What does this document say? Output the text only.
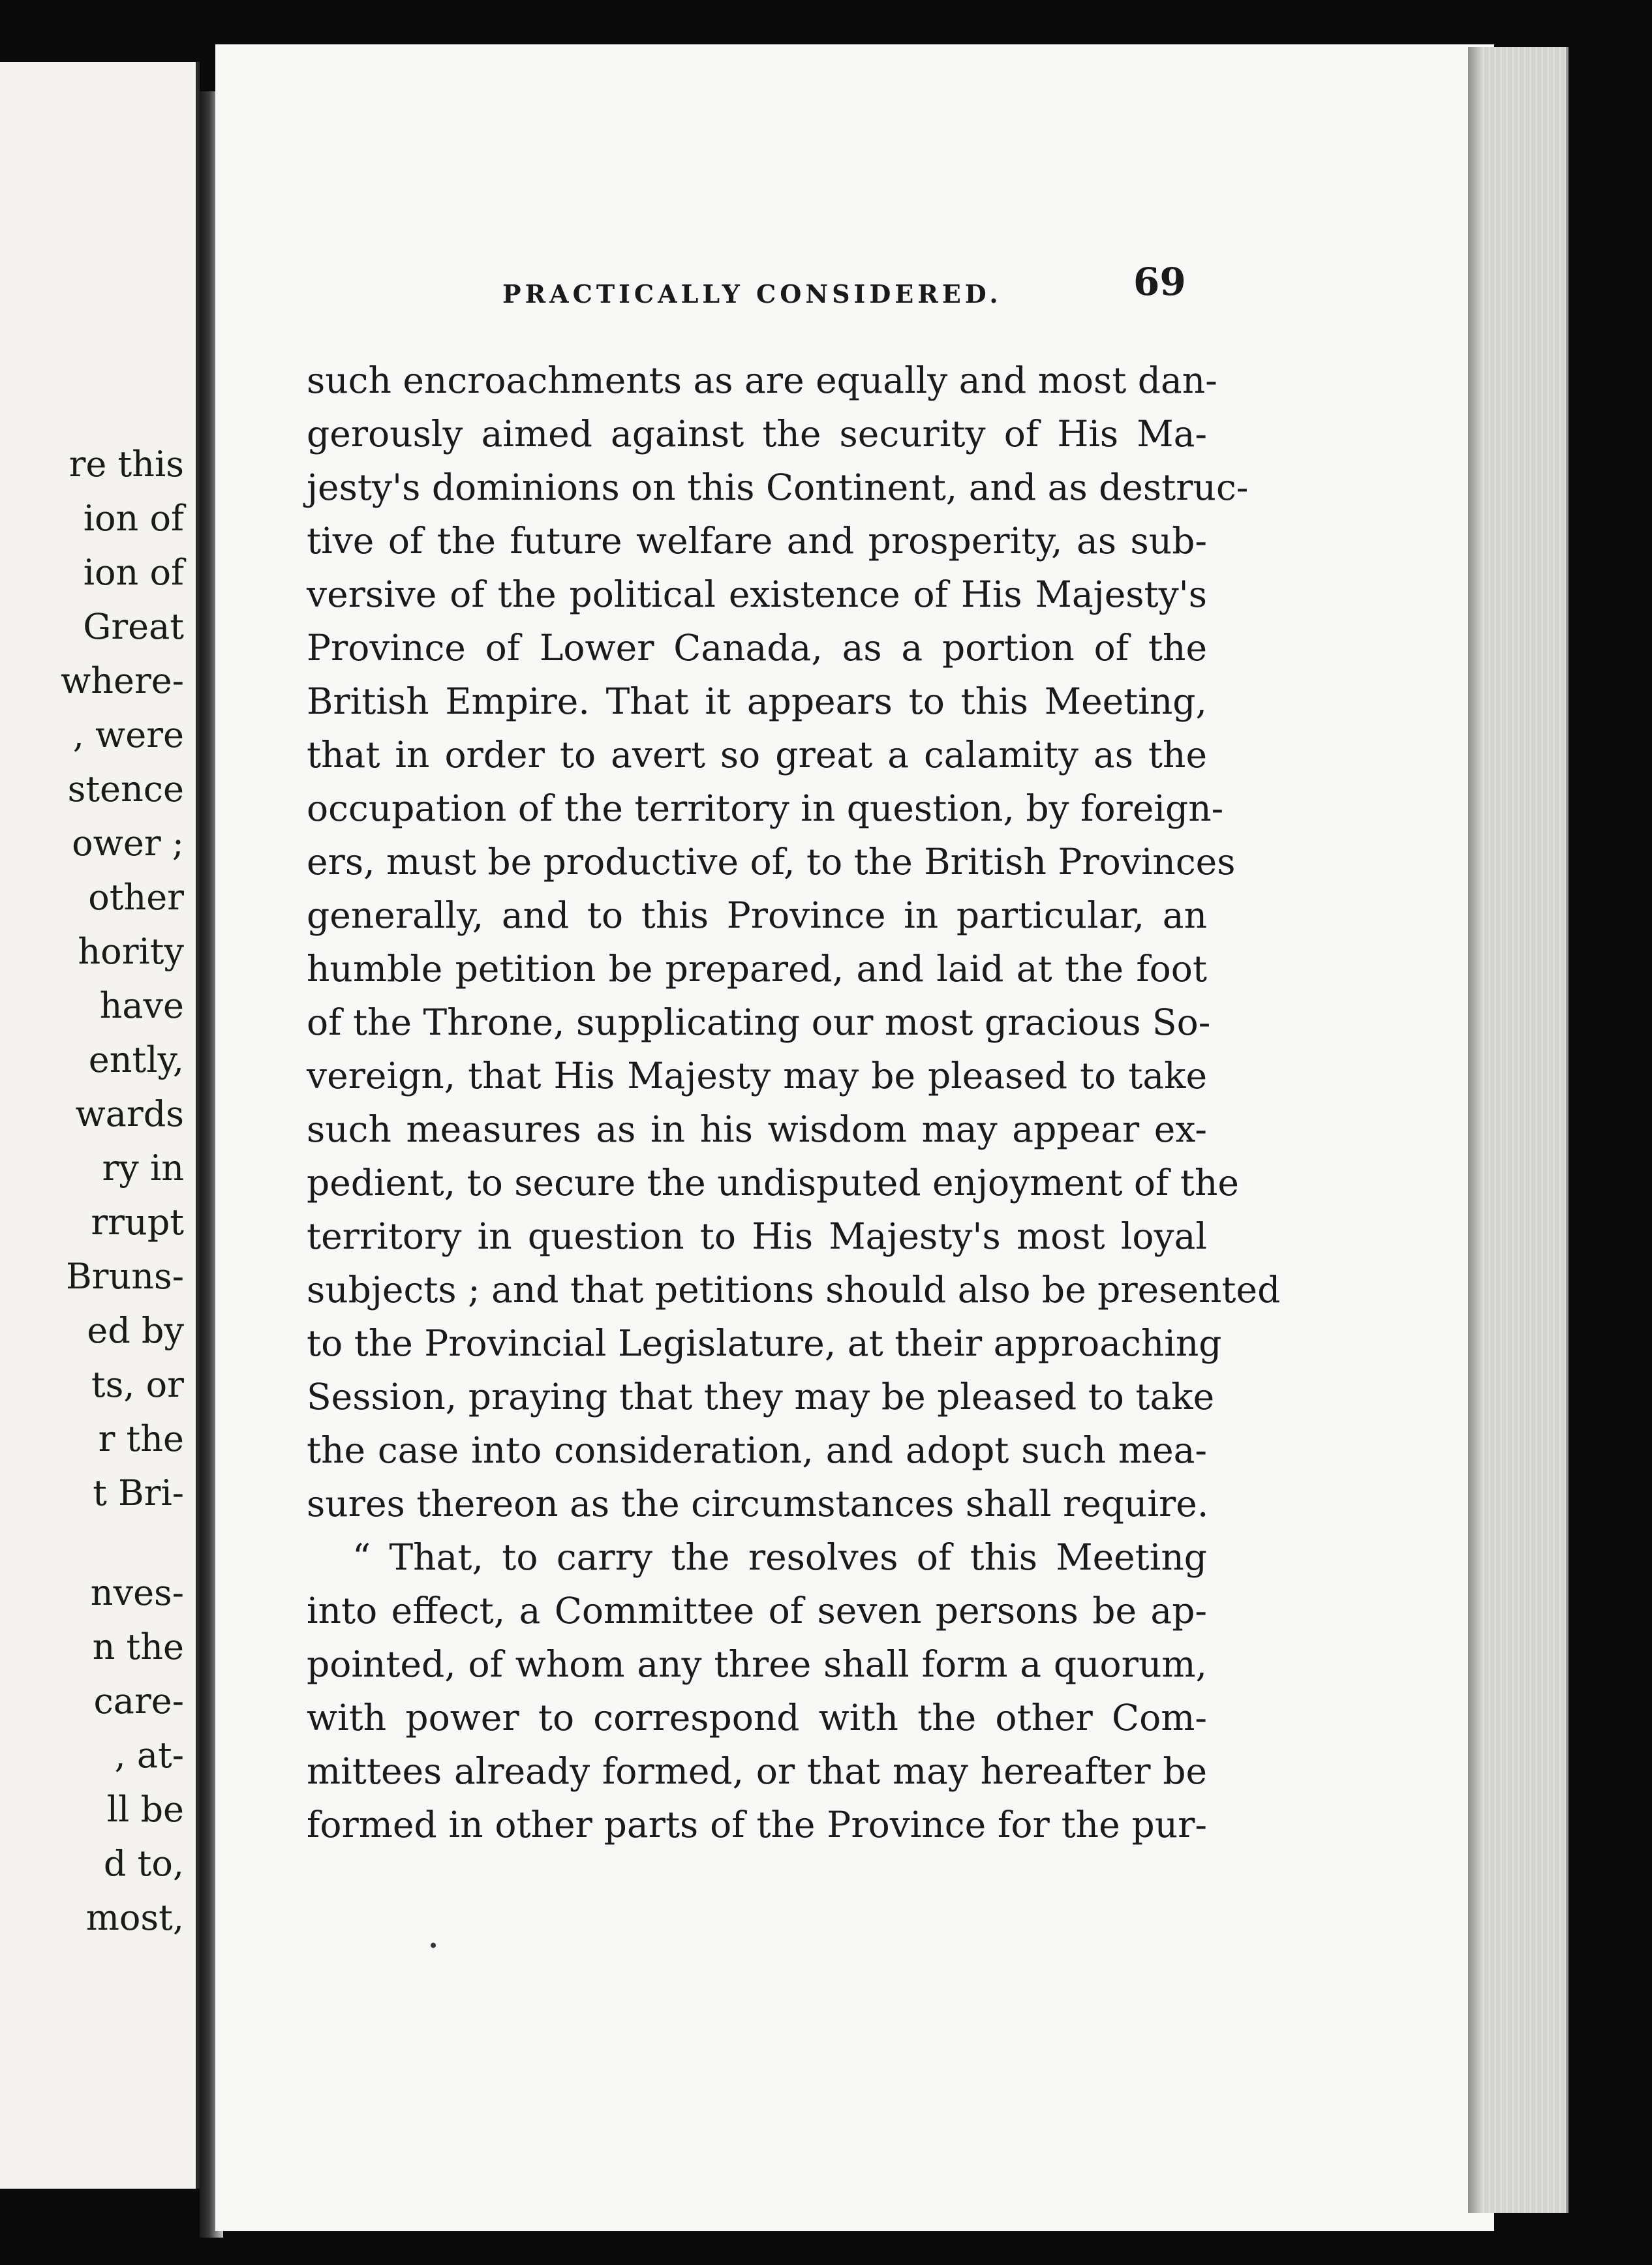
re this
ion of
ion of
Great
where-
, were
stence
ower ;
other
hority
have
ently,
wards
ry in
rrupt
Bruns-
ed by
ts, or
r the
t Bri-
nves-
n the
care-
, at-
ll be
d to,
most,
PRACTICALLY CONSIDERED.	69
such encroachments as are equally and most dan-
gerously aimed against the security of His Ma-
jesty's dominions on this Continent, and as destruc-
tive of the future welfare and prosperity, as sub-
versive of the political existence of His Majesty's
Province of Lower Canada, as a portion of the
British Empire. That it appears to this Meeting,
that in order to avert so great a calamity as the
occupation of the territory in question, by foreign-
ers, must be productive of, to the British Provinces
generally, and to this Province in particular, an
humble petition be prepared, and laid at the foot
of the Throne, supplicating our most gracious So-
vereign, that His Majesty may be pleased to take
such measures as in his wisdom may appear ex-
pedient, to secure the undisputed enjoyment of the
territory in question to His Majesty's most loyal
subjects ; and that petitions should also be presented
to the Provincial Legislature, at their approaching
Session, praying that they may be pleased to take
the case into consideration, and adopt such mea-
sures thereon as the circumstances shall require.
“ That, to carry the resolves of this Meeting
into effect, a Committee of seven persons be ap-
pointed, of whom any three shall form a quorum,
with power to correspond with the other Com-
mittees already formed, or that may hereafter be
formed in other parts of the Province for the pur-
